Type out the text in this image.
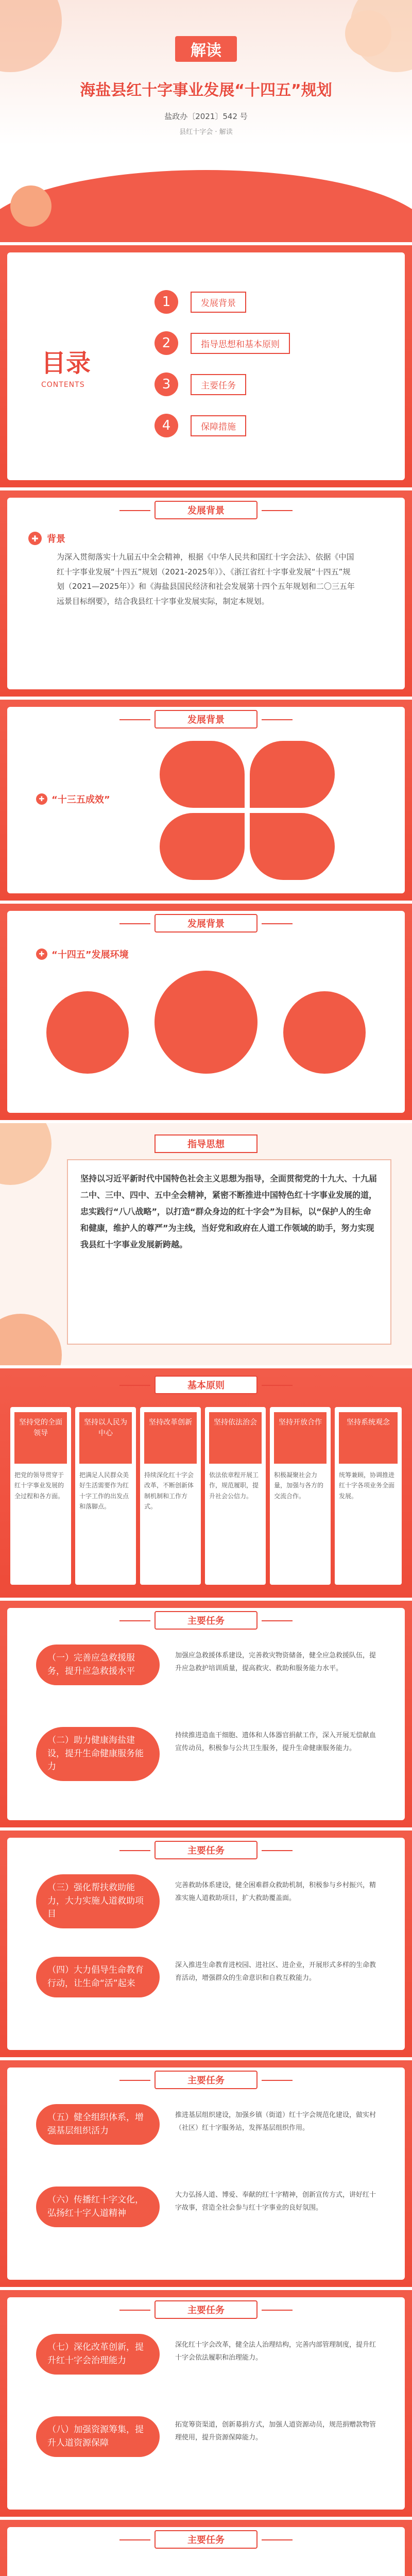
解读
海盐县红十字事业发展“十四五”规划
盐政办〔2021〕542 号
县红十字会 · 解读
目录
CONTENTS
1	发展背景
2	指导思想和基本原则
3	主要任务
4	保障措施
发展背景
✚ 背景

为深入贯彻落实十九届五中全会精神，根据《中华人民共和国红十字会法》、依据《中国红十字事业发展“十四五”规划（2021-2025年）》、《浙江省红十字事业发展“十四五”规划（2021—2025年）》和《海盐县国民经济和社会发展第十四个五年规划和二〇三五年远景目标纲要》，结合我县红十字事业发展实际，制定本规划。

发展背景
✚ “十三五成效”
发展背景
✚ “十四五”发展环境
指导思想

坚持以习近平新时代中国特色社会主义思想为指导，全面贯彻党的十九大、十九届二中、三中、四中、五中全会精神，紧密不断推进中国特色红十字事业发展的道，忠实践行“八八战略”，以打造“群众身边的红十字会”为目标，以“保护人的生命和健康，维护人的尊严”为主线，当好党和政府在人道工作领域的助手，努力实现我县红十字事业发展新跨越。

基本原则
坚持党的全面领导
把党的领导贯穿于红十字事业发展的全过程和各方面。
坚持以人民为中心
把满足人民群众美好生活需要作为红十字工作的出发点和落脚点。
坚持改革创新
持续深化红十字会改革，不断创新体制机制和工作方式。
坚持依法治会
依法依章程开展工作，规范履职，提升社会公信力。
坚持开放合作
积极凝聚社会力量，加强与各方的交流合作。
坚持系统观念
统筹兼顾，协调推进红十字各项业务全面发展。
主要任务
（一）完善应急救援服务，提升应急救援水平

加强应急救援体系建设，完善救灾物资储备，健全应急救援队伍，提升应急救护培训质量，提高救灾、救助和服务能力水平。

（二）助力健康海盐建设，提升生命健康服务能力

持续推进造血干细胞、遗体和人体器官捐献工作，深入开展无偿献血宣传动员，积极参与公共卫生服务，提升生命健康服务能力。

主要任务
（三）强化帮扶救助能力，大力实施人道救助项目

完善救助体系建设，健全困难群众救助机制，积极参与乡村振兴，精准实施人道救助项目，扩大救助覆盖面。

（四）大力倡导生命教育行动，让生命“活”起来

深入推进生命教育进校园、进社区、进企业，开展形式多样的生命教育活动，增强群众的生命意识和自救互救能力。

主要任务
（五）健全组织体系，增强基层组织活力

推进基层组织建设，加强乡镇（街道）红十字会规范化建设，做实村（社区）红十字服务站，发挥基层组织作用。

（六）传播红十字文化，弘扬红十字人道精神

大力弘扬人道、博爱、奉献的红十字精神，创新宣传方式，讲好红十字故事，营造全社会参与红十字事业的良好氛围。

主要任务
（七）深化改革创新，提升红十字会治理能力

深化红十字会改革，健全法人治理结构，完善内部管理制度，提升红十字会依法履职和治理能力。

（八）加强资源筹集，提升人道资源保障

拓宽筹资渠道，创新募捐方式，加强人道资源动员，规范捐赠款物管理使用，提升资源保障能力。

主要任务
